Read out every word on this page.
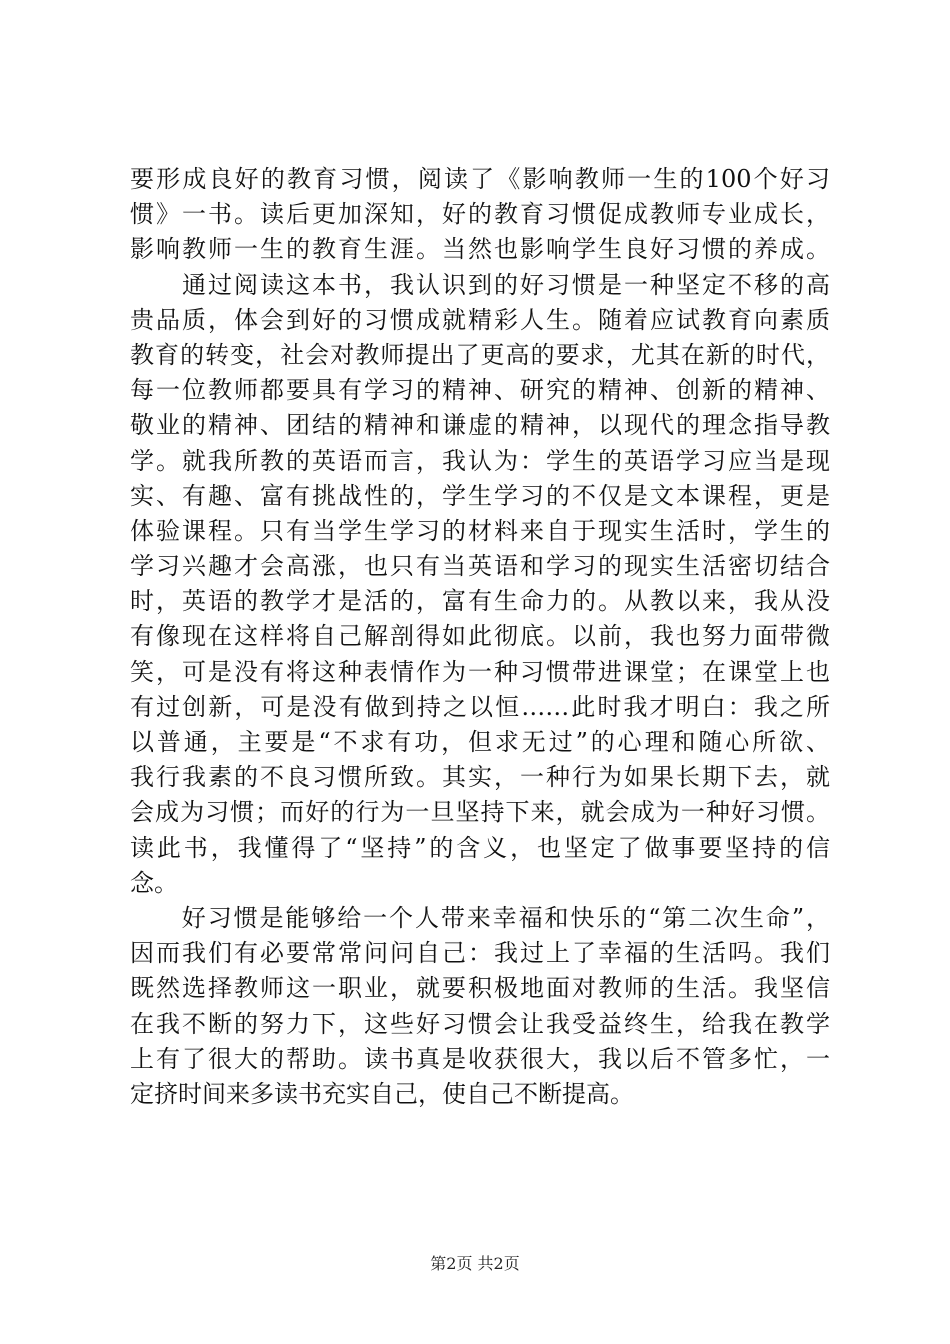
要形成良好的教育习惯，阅读了《影响教师一生的100个好习
惯》一书。读后更加深知，好的教育习惯促成教师专业成长，
影响教师一生的教育生涯。当然也影响学生良好习惯的养成。
　　通过阅读这本书，我认识到的好习惯是一种坚定不移的高
贵品质，体会到好的习惯成就精彩人生。随着应试教育向素质
教育的转变，社会对教师提出了更高的要求，尤其在新的时代，
每一位教师都要具有学习的精神、研究的精神、创新的精神、
敬业的精神、团结的精神和谦虚的精神，以现代的理念指导教
学。就我所教的英语而言，我认为：学生的英语学习应当是现
实、有趣、富有挑战性的，学生学习的不仅是文本课程，更是
体验课程。只有当学生学习的材料来自于现实生活时，学生的
学习兴趣才会高涨，也只有当英语和学习的现实生活密切结合
时，英语的教学才是活的，富有生命力的。从教以来，我从没
有像现在这样将自己解剖得如此彻底。以前，我也努力面带微
笑，可是没有将这种表情作为一种习惯带进课堂；在课堂上也
有过创新，可是没有做到持之以恒……此时我才明白：我之所
以普通，主要是“不求有功，但求无过”的心理和随心所欲、
我行我素的不良习惯所致。其实，一种行为如果长期下去，就
会成为习惯；而好的行为一旦坚持下来，就会成为一种好习惯。
读此书，我懂得了“坚持”的含义，也坚定了做事要坚持的信
念。
　　好习惯是能够给一个人带来幸福和快乐的“第二次生命”，
因而我们有必要常常问问自己：我过上了幸福的生活吗。我们
既然选择教师这一职业，就要积极地面对教师的生活。我坚信
在我不断的努力下，这些好习惯会让我受益终生，给我在教学
上有了很大的帮助。读书真是收获很大，我以后不管多忙，一
定挤时间来多读书充实自己，使自己不断提高。
第2页 共2页
